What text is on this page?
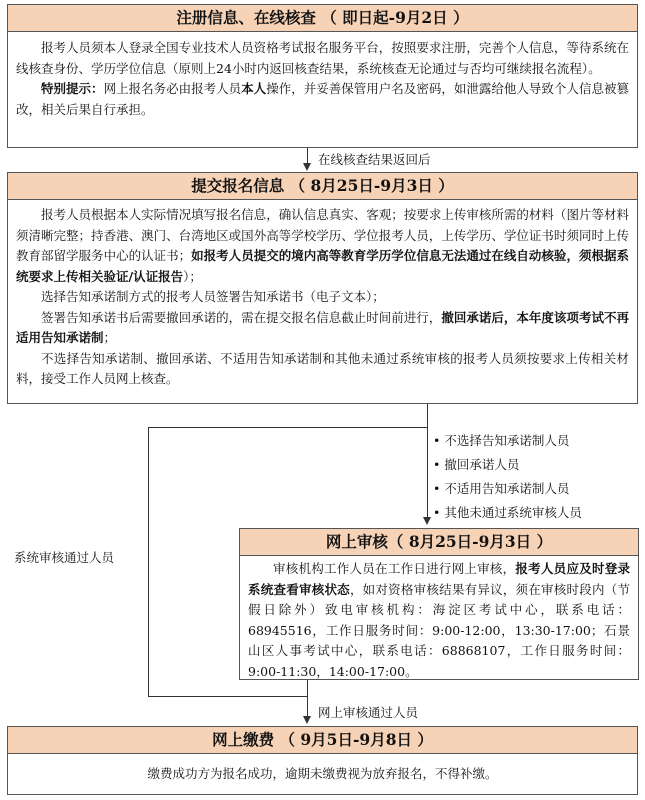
注册信息、在线核查 （ 即日起-9月2日 ）

报考人员须本人登录全国专业技术人员资格考试报名服务平台，按照要求注册，完善个人信息，等待系统在线核查身份、学历学位信息（原则上24小时内返回核查结果，系统核查无论通过与否均可继续报名流程）。

特别提示：网上报名务必由报考人员本人操作，并妥善保管用户名及密码，如泄露给他人导致个人信息被篡改，相关后果自行承担。

在线核查结果返回后
提交报名信息 （ 8月25日-9月3日 ）

报考人员根据本人实际情况填写报名信息，确认信息真实、客观；按要求上传审核所需的材料（图片等材料须清晰完整；持香港、澳门、台湾地区或国外高等学校学历、学位报考人员，上传学历、学位证书时须同时上传教育部留学服务中心的认证书；如报考人员提交的境内高等教育学历学位信息无法通过在线自动核验，须根据系统要求上传相关验证/认证报告）；

选择告知承诺制方式的报考人员签署告知承诺书（电子文本）；

签署告知承诺书后需要撤回承诺的，需在提交报名信息截止时间前进行，撤回承诺后，本年度该项考试不再适用告知承诺制；

不选择告知承诺制、撤回承诺、不适用告知承诺制和其他未通过系统审核的报考人员须按要求上传相关材料，接受工作人员网上核查。

系统审核通过人员
• 不选择告知承诺制人员
• 撤回承诺人员
• 不适用告知承诺制人员
• 其他未通过系统审核人员
网上审核（ 8月25日-9月3日 ）

审核机构工作人员在工作日进行网上审核，报考人员应及时登录系统查看审核状态，如对资格审核结果有异议，须在审核时段内（节假日除外）致电审核机构：海淀区考试中心，联系电话：68945516，工作日服务时间：9:00-12:00，13:30-17:00；石景山区人事考试中心，联系电话：68868107，工作日服务时间：9:00-11:30，14:00-17:00。

网上审核通过人员
网上缴费 （ 9月5日-9月8日 ）

缴费成功方为报名成功，逾期未缴费视为放弃报名，不得补缴。
